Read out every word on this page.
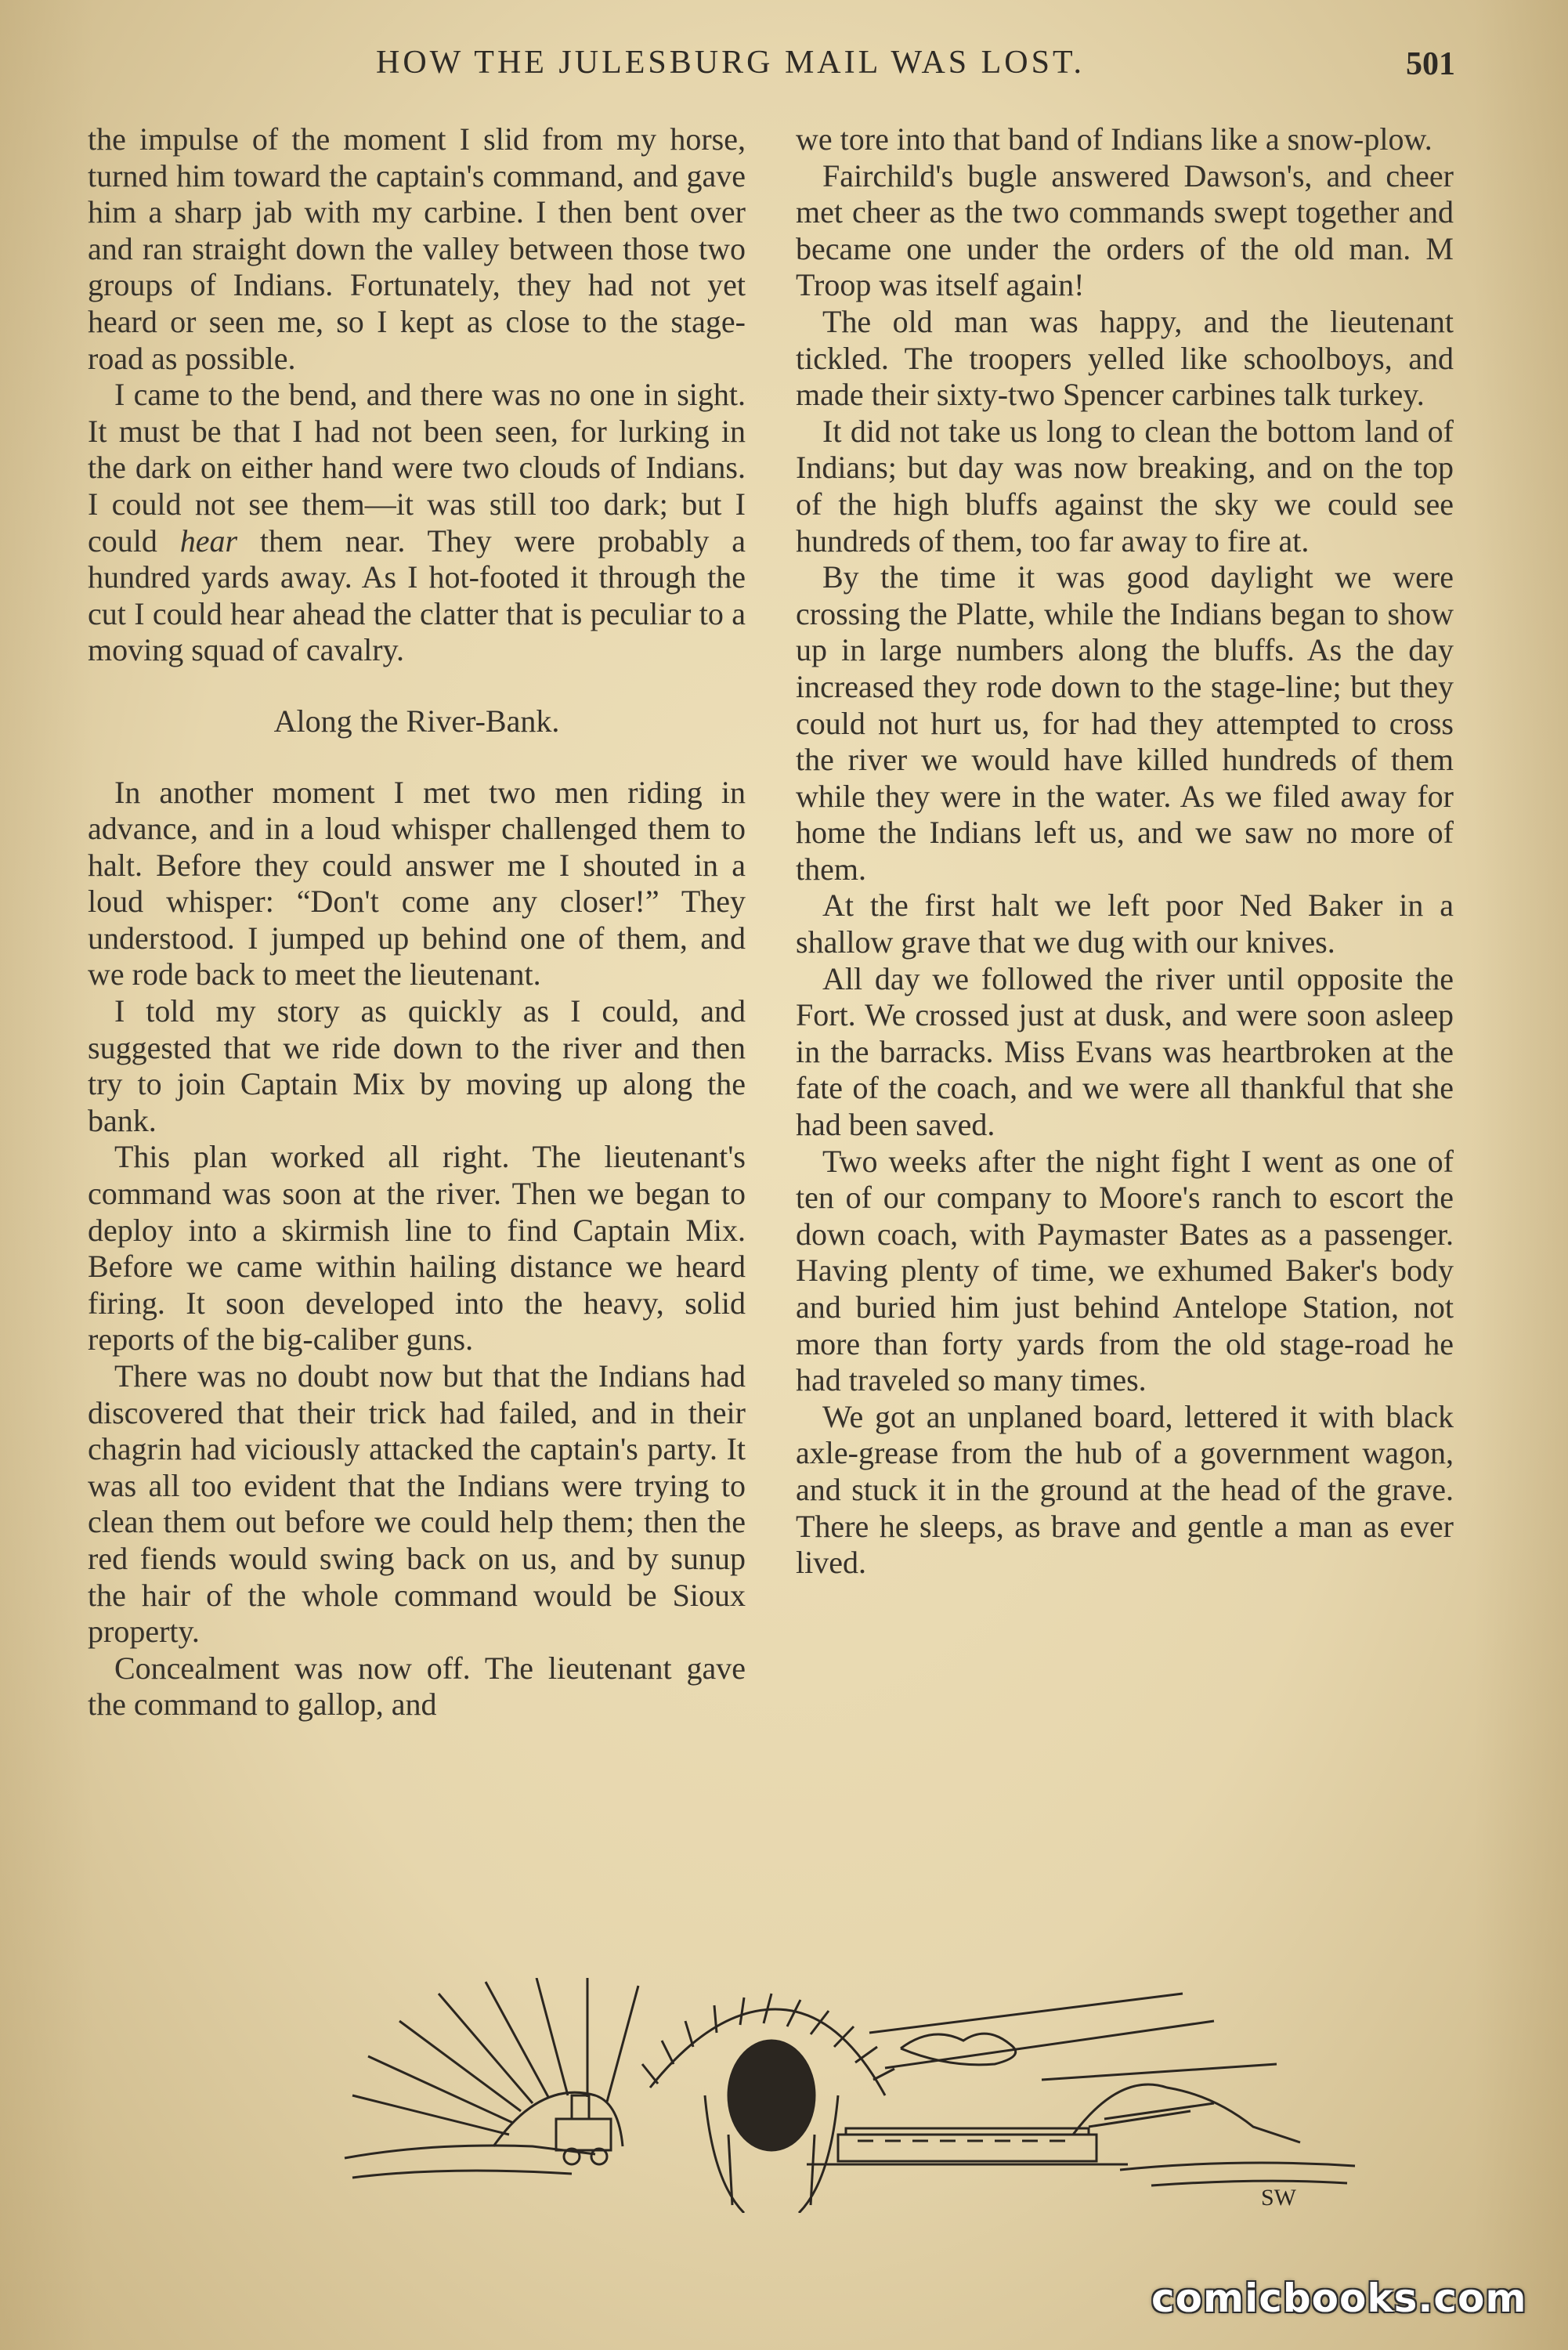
HOW THE JULESBURG MAIL WAS LOST.	501

the impulse of the moment I slid from my horse, turned him toward the captain's command, and gave him a sharp jab with my carbine. I then bent over and ran straight down the valley between those two groups of Indians. Fortunately, they had not yet heard or seen me, so I kept as close to the stage-road as possible.

I came to the bend, and there was no one in sight. It must be that I had not been seen, for lurking in the dark on either hand were two clouds of Indians. I could not see them—it was still too dark; but I could hear them near. They were probably a hundred yards away. As I hot-footed it through the cut I could hear ahead the clatter that is peculiar to a moving squad of cavalry.

Along the River-Bank.

In another moment I met two men riding in advance, and in a loud whisper challenged them to halt. Before they could answer me I shouted in a loud whisper: “Don't come any closer!” They understood. I jumped up behind one of them, and we rode back to meet the lieutenant.

I told my story as quickly as I could, and suggested that we ride down to the river and then try to join Captain Mix by moving up along the bank.

This plan worked all right. The lieutenant's command was soon at the river. Then we began to deploy into a skirmish line to find Captain Mix. Before we came within hailing distance we heard firing. It soon developed into the heavy, solid reports of the big-caliber guns.

There was no doubt now but that the Indians had discovered that their trick had failed, and in their chagrin had viciously attacked the captain's party. It was all too evident that the Indians were trying to clean them out before we could help them; then the red fiends would swing back on us, and by sunup the hair of the whole command would be Sioux property.

Concealment was now off. The lieutenant gave the command to gallop, and

we tore into that band of Indians like a snow-plow.

Fairchild's bugle answered Dawson's, and cheer met cheer as the two commands swept together and became one under the orders of the old man. M Troop was itself again!

The old man was happy, and the lieutenant tickled. The troopers yelled like schoolboys, and made their sixty-two Spencer carbines talk turkey.

It did not take us long to clean the bottom land of Indians; but day was now breaking, and on the top of the high bluffs against the sky we could see hundreds of them, too far away to fire at.

By the time it was good daylight we were crossing the Platte, while the Indians began to show up in large numbers along the bluffs. As the day increased they rode down to the stage-line; but they could not hurt us, for had they attempted to cross the river we would have killed hundreds of them while they were in the water. As we filed away for home the Indians left us, and we saw no more of them.

At the first halt we left poor Ned Baker in a shallow grave that we dug with our knives.

All day we followed the river until opposite the Fort. We crossed just at dusk, and were soon asleep in the barracks. Miss Evans was heartbroken at the fate of the coach, and we were all thankful that she had been saved.

Two weeks after the night fight I went as one of ten of our company to Moore's ranch to escort the down coach, with Paymaster Bates as a passenger. Having plenty of time, we exhumed Baker's body and buried him just behind Antelope Station, not more than forty yards from the old stage-road he had traveled so many times.

We got an unplaned board, lettered it with black axle-grease from the hub of a government wagon, and stuck it in the ground at the head of the grave. There he sleeps, as brave and gentle a man as ever lived.

SW
comicbooks.com
